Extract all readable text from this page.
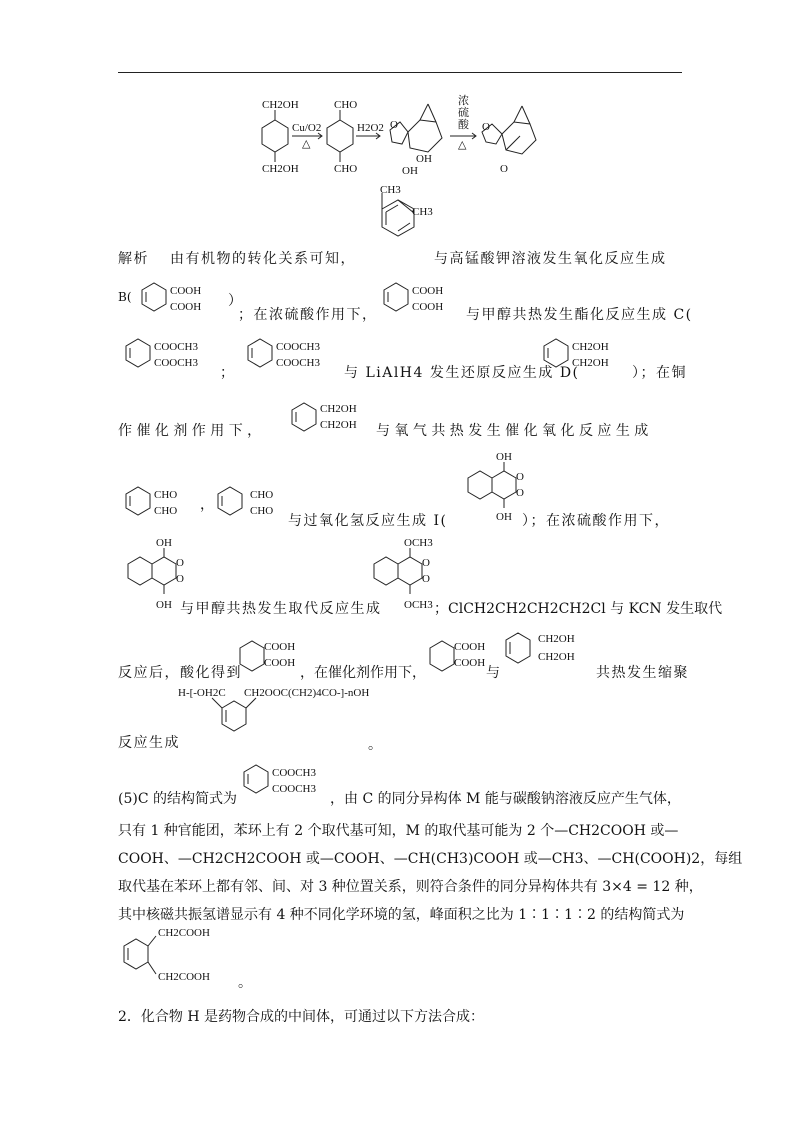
CH2OH
CH2OH
Cu/O2
△
CHO
CHO
H2O2 O
OH
OH
浓
硫
酸
△
O
O
CH3
CH3
解析 由有机物的转化关系可知，	与高锰酸钾溶液发生氧化反应生成
B(	COOH
COOH ）
；在浓硫酸作用下，
COOH
COOH 与甲醇共热发生酯化反应生成 C(
COOCH3
COOCH3
；
COOCH3
COOCH3
与 LiAlH4 发生还原反应生成 D(
CH2OH
CH2OH
）；在铜
作 催 化 剂 作 用 下 ，
CH2OH
CH2OH 与 氧 气 共 热 发 生 催 化 氧 化 反 应 生 成
CHO
CHO ，
CHO
CHO
与过氧化氢反应生成 I(
OH
O
O
OH ）；在浓硫酸作用下，
OH
O
O
OH 与甲醇共热发生取代反应生成
OCH3
O
O
OCH3 ；ClCH2CH2CH2CH2Cl 与 KCN 发生取代
反应后，酸化得到
COOH
COOH
，在催化剂作用下，
COOH
COOH
与
CH2OH
CH2OH
共热发生缩聚
H-[-OH2C CH2OOC(CH2)4CO-]-nOH
反应生成	。
(5)C 的结构简式为
COOCH3
COOCH3
，由 C 的同分异构体 M 能与碳酸钠溶液反应产生气体，
只有 1 种官能团，苯环上有 2 个取代基可知，M 的取代基可能为 2 个—CH2COOH 或—
COOH、—CH2CH2COOH 或—COOH、—CH(CH3)COOH 或—CH3、—CH(COOH)2，每组
取代基在苯环上都有邻、间、对 3 种位置关系，则符合条件的同分异构体共有 3×4 = 12 种，
其中核磁共振氢谱显示有 4 种不同化学环境的氢，峰面积之比为 1∶1∶1∶2 的结构简式为
CH2COOH
CH2COOH 。
2．化合物 H 是药物合成的中间体，可通过以下方法合成：
